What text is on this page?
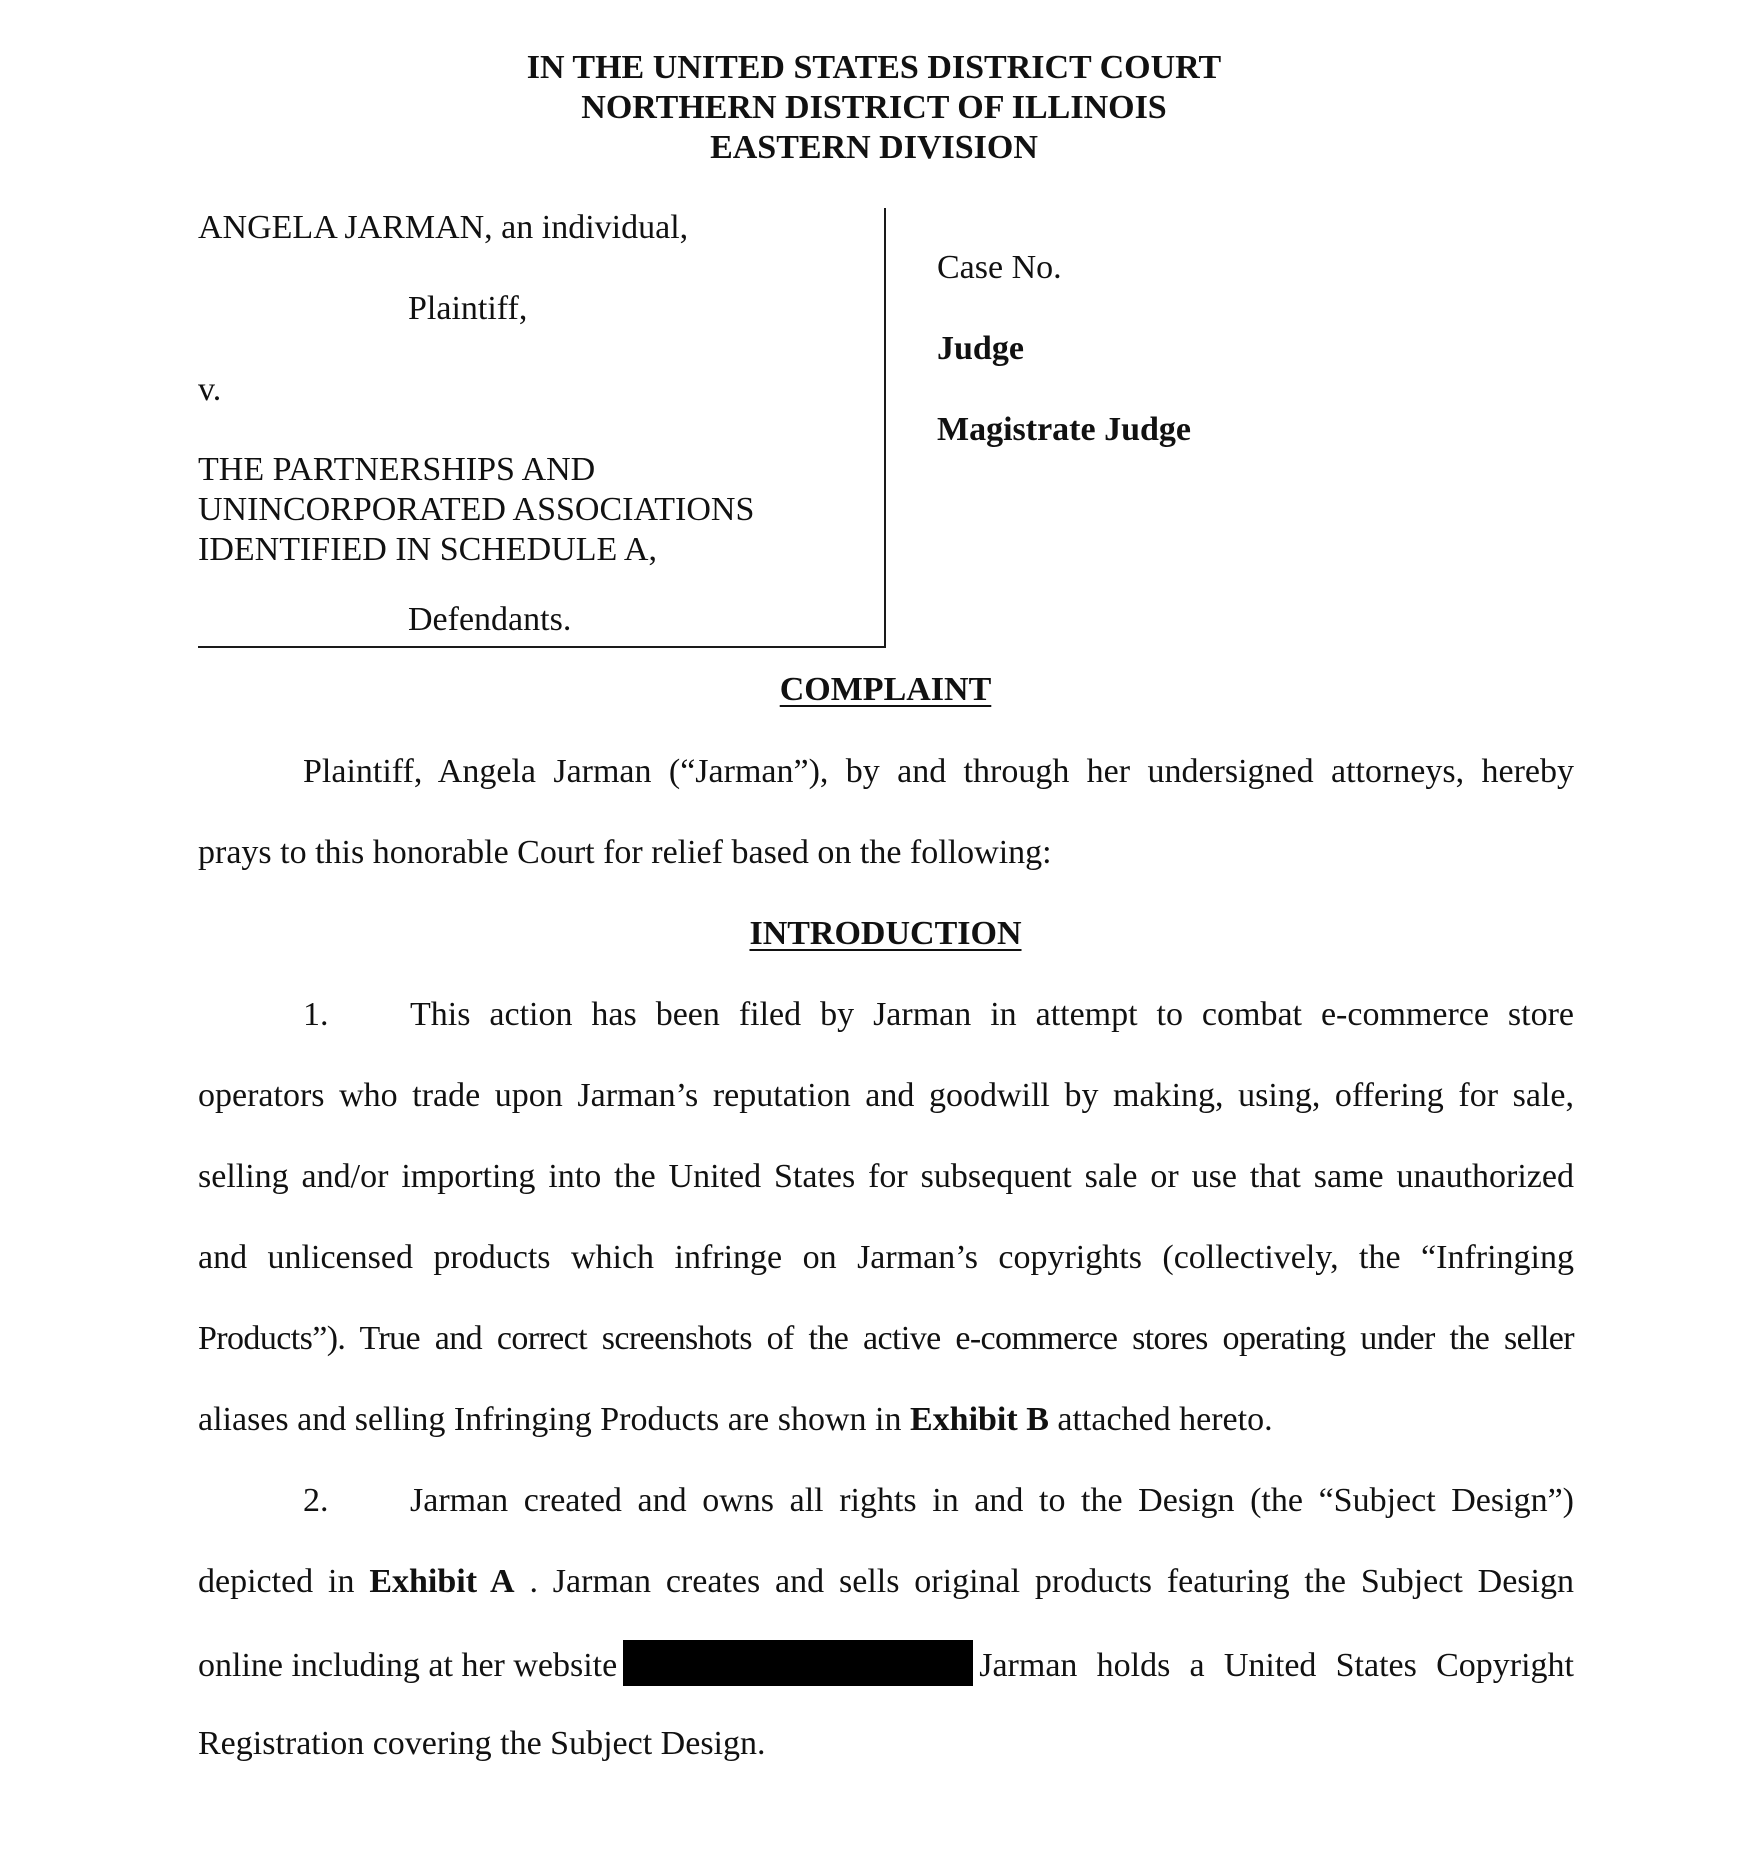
IN THE UNITED STATES DISTRICT COURT
NORTHERN DISTRICT OF ILLINOIS
EASTERN DIVISION
ANGELA JARMAN, an individual,
Plaintiff,
v.
THE PARTNERSHIPS AND
UNINCORPORATED ASSOCIATIONS
IDENTIFIED IN SCHEDULE A,
Defendants.
Case No.
Judge
Magistrate Judge
COMPLAINT
Plaintiff, Angela Jarman (“Jarman”), by and through her undersigned attorneys, hereby
prays to this honorable Court for relief based on the following:
INTRODUCTION
1. This action has been filed by Jarman in attempt to combat e-commerce store
operators who trade upon Jarman’s reputation and goodwill by making, using, offering for sale,
selling and/or importing into the United States for subsequent sale or use that same unauthorized
and unlicensed products which infringe on Jarman’s copyrights (collectively, the “Infringing
Products”). True and correct screenshots of the active e-commerce stores operating under the seller
aliases and selling Infringing Products are shown in Exhibit B attached hereto.
2. Jarman created and owns all rights in and to the Design (the “Subject Design”)
depicted in Exhibit A . Jarman creates and sells original products featuring the Subject Design
online including at her website	Jarman holds a United States Copyright
Registration covering the Subject Design.
